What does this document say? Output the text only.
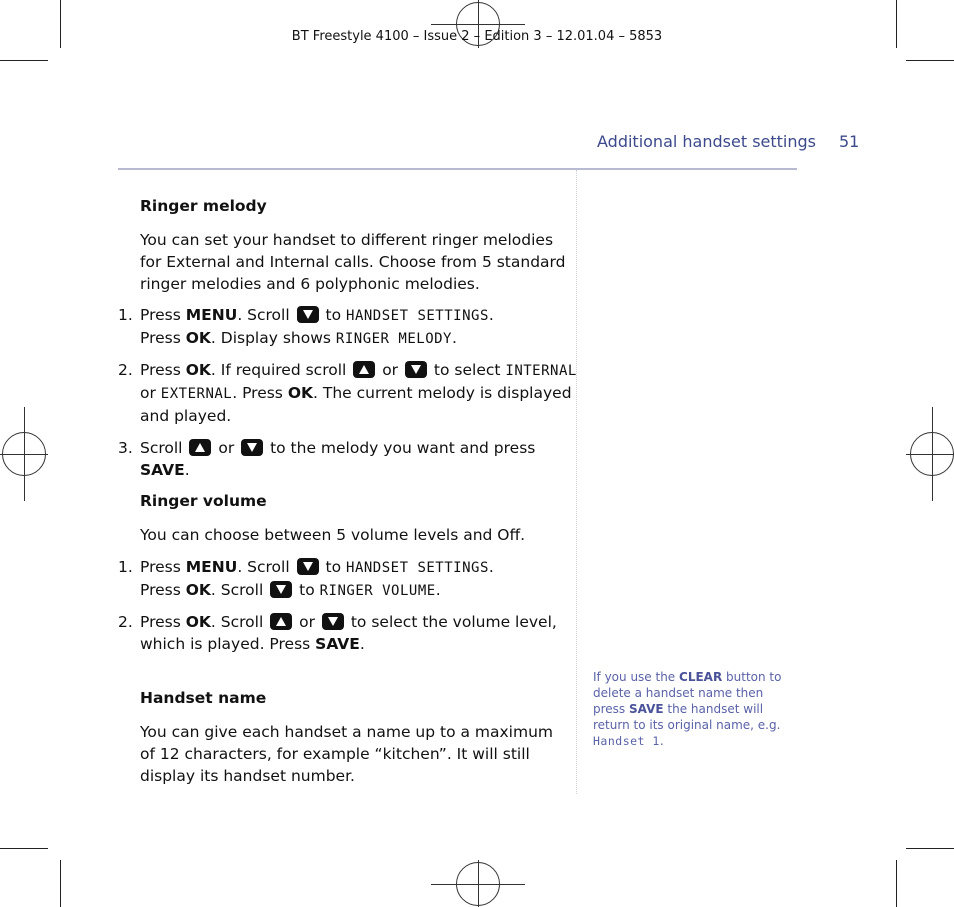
BT Freestyle 4100 – Issue 2 – Edition 3 – 12.01.04 – 5853
Additional handset settings 51
Ringer melody
You can set your handset to different ringer melodies for External and Internal calls. Choose from 5 standard ringer melodies and 6 polyphonic melodies.
1. Press MENU. Scroll  to HANDSET SETTINGS.
Press OK. Display shows RINGER MELODY.
2. Press OK. If required scroll  or  to select INTERNAL
or EXTERNAL. Press OK. The current melody is displayed and played.
3. Scroll  or  to the melody you want and press SAVE.
Ringer volume
You can choose between 5 volume levels and Off.
1. Press MENU. Scroll  to HANDSET SETTINGS.
Press OK. Scroll  to RINGER VOLUME.
2. Press OK. Scroll  or  to select the volume level, which is played. Press SAVE.
Handset name
You can give each handset a name up to a maximum of 12 characters, for example “kitchen”. It will still display its handset number.
If you use the CLEAR button to delete a handset name then press SAVE the handset will return to its original name, e.g. Handset 1.
